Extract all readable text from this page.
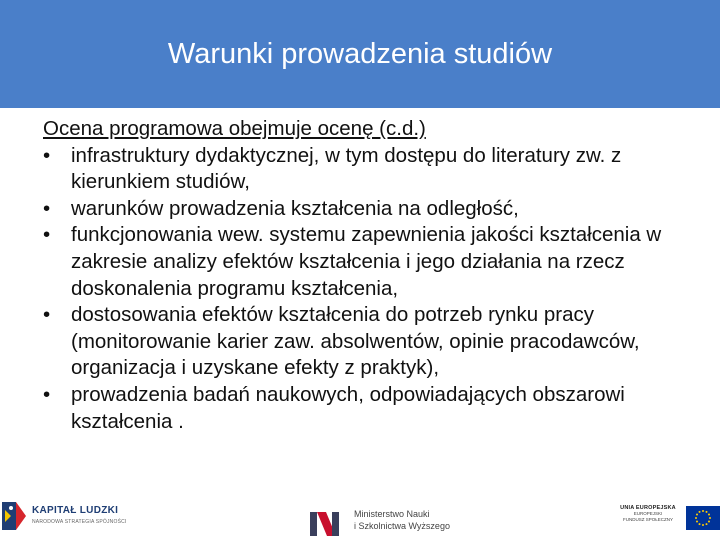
Warunki prowadzenia studiów
Ocena programowa obejmuje ocenę (c.d.)
• infrastruktury dydaktycznej, w tym dostępu do literatury zw. z kierunkiem studiów,
• warunków prowadzenia kształcenia na odległość,
• funkcjonowania wew. systemu zapewnienia jakości kształcenia w zakresie analizy efektów kształcenia i jego działania na rzecz doskonalenia programu kształcenia,
• dostosowania efektów kształcenia do potrzeb rynku pracy (monitorowanie karier zaw. absolwentów, opinie pracodawców, organizacja i uzyskane efekty z praktyk),
• prowadzenia badań naukowych, odpowiadających obszarowi kształcenia .
KAPITAŁ LUDZKI
NARODOWA STRATEGIA SPÓJNOŚCI
Ministerstwo Nauki
i Szkolnictwa Wyższego
UNIA EUROPEJSKA
EUROPEJSKI
FUNDUSZ SPOŁECZNY
